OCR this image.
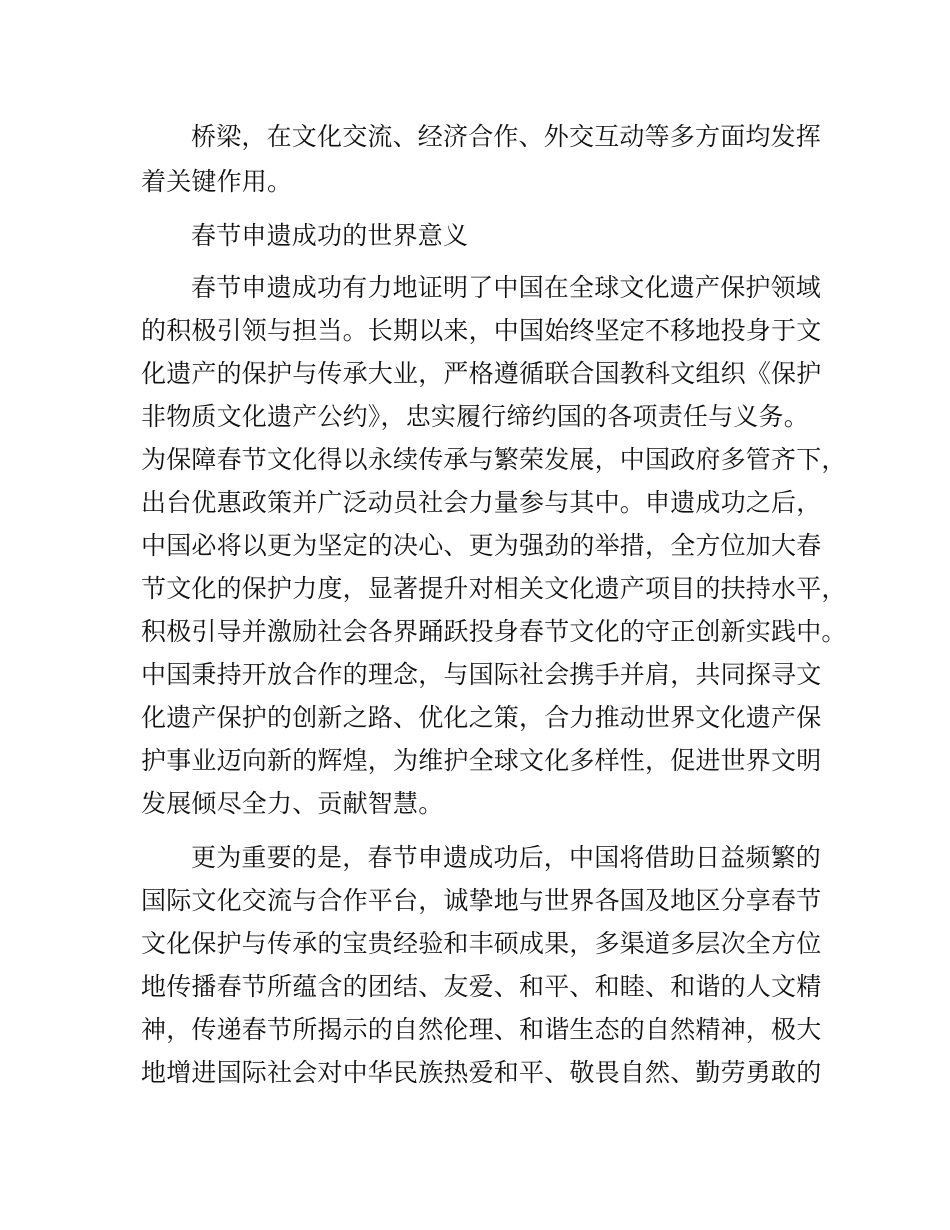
桥梁，在文化交流、经济合作、外交互动等多方面均发挥
着关键作用。
春节申遗成功的世界意义
春节申遗成功有力地证明了中国在全球文化遗产保护领域
的积极引领与担当。长期以来，中国始终坚定不移地投身于文
化遗产的保护与传承大业，严格遵循联合国教科文组织《保护
非物质文化遗产公约》，忠实履行缔约国的各项责任与义务。
为保障春节文化得以永续传承与繁荣发展，中国政府多管齐下，
出台优惠政策并广泛动员社会力量参与其中。申遗成功之后，
中国必将以更为坚定的决心、更为强劲的举措，全方位加大春
节文化的保护力度，显著提升对相关文化遗产项目的扶持水平，
积极引导并激励社会各界踊跃投身春节文化的守正创新实践中。
中国秉持开放合作的理念，与国际社会携手并肩，共同探寻文
化遗产保护的创新之路、优化之策，合力推动世界文化遗产保
护事业迈向新的辉煌，为维护全球文化多样性，促进世界文明
发展倾尽全力、贡献智慧。
更为重要的是，春节申遗成功后，中国将借助日益频繁的
国际文化交流与合作平台，诚挚地与世界各国及地区分享春节
文化保护与传承的宝贵经验和丰硕成果，多渠道多层次全方位
地传播春节所蕴含的团结、友爱、和平、和睦、和谐的人文精
神，传递春节所揭示的自然伦理、和谐生态的自然精神，极大
地增进国际社会对中华民族热爱和平、敬畏自然、勤劳勇敢的
